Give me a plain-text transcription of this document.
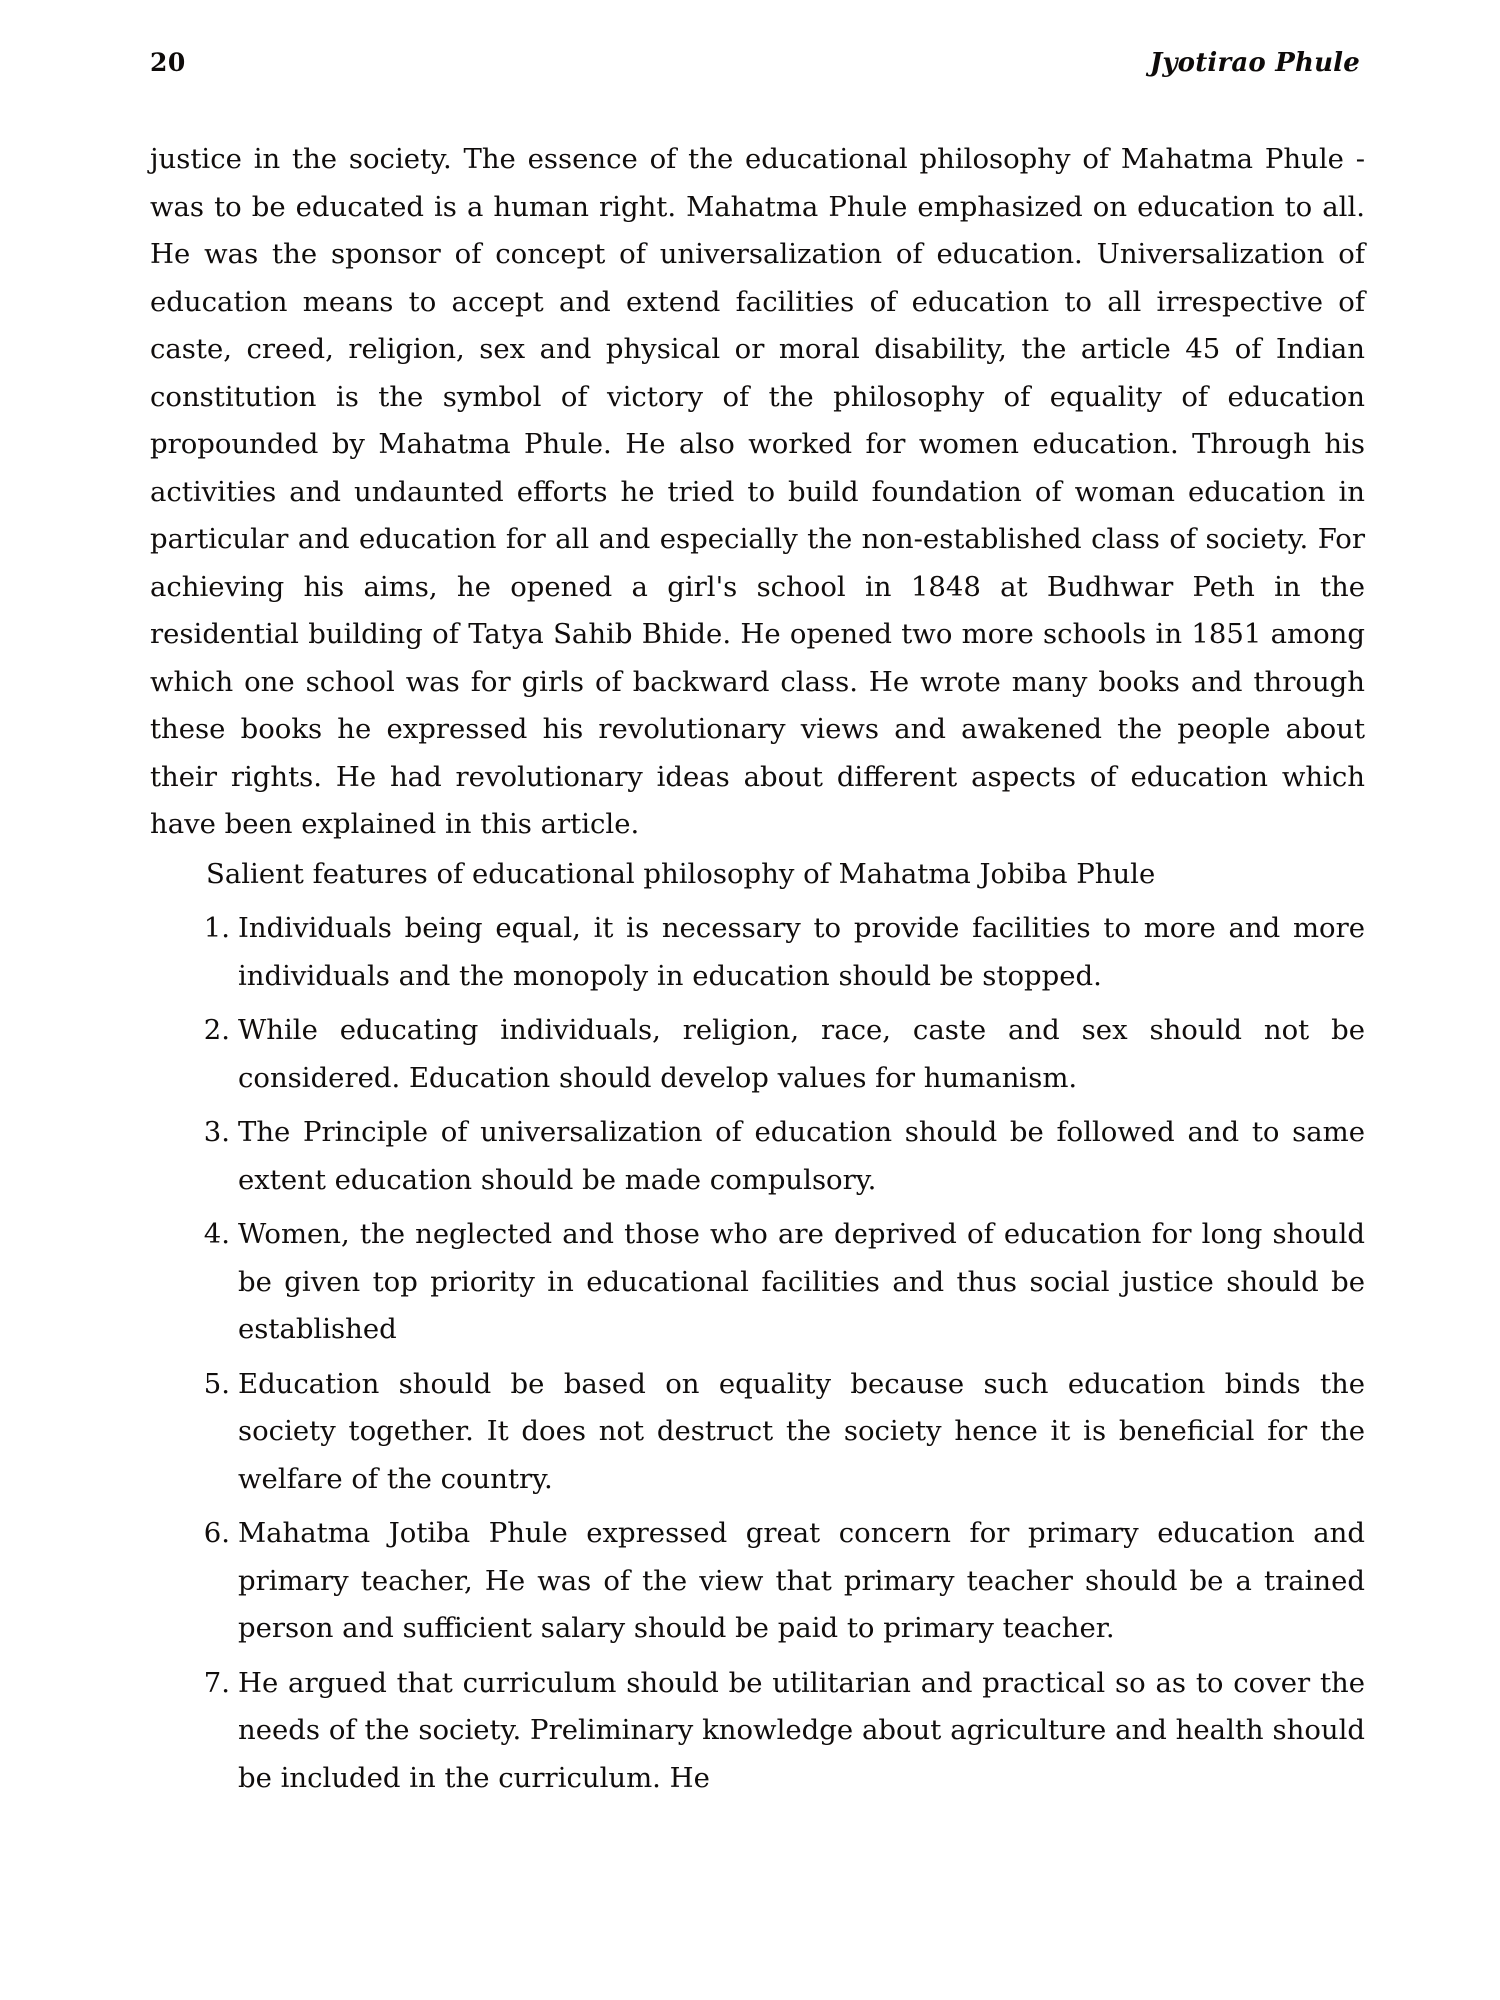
20	Jyotirao Phule

justice in the society. The essence of the educational philosophy of Mahatma Phule -was to be educated is a human right. Mahatma Phule emphasized on education to all. He was the sponsor of concept of universalization of education. Universalization of education means to accept and extend facilities of education to all irrespective of caste, creed, religion, sex and physical or moral disability, the article 45 of Indian constitution is the symbol of victory of the philosophy of equality of education propounded by Mahatma Phule. He also worked for women education. Through his activities and undaunted efforts he tried to build foundation of woman education in particular and education for all and especially the non-established class of society. For achieving his aims, he opened a girl's school in 1848 at Budhwar Peth in the residential building of Tatya Sahib Bhide. He opened two more schools in 1851 among which one school was for girls of backward class. He wrote many books and through these books he expressed his revolutionary views and awakened the people about their rights. He had revolutionary ideas about different aspects of education which have been explained in this article.

Salient features of educational philosophy of Mahatma Jobiba Phule

1. Individuals being equal, it is necessary to provide facilities to more and more individuals and the monopoly in education should be stopped.
2. While educating individuals, religion, race, caste and sex should not be considered. Education should develop values for humanism.
3. The Principle of universalization of education should be followed and to same extent education should be made compulsory.
4. Women, the neglected and those who are deprived of education for long should be given top priority in educational facilities and thus social justice should be established
5. Education should be based on equality because such education binds the society together. It does not destruct the society hence it is beneficial for the welfare of the country.
6. Mahatma Jotiba Phule expressed great concern for primary education and primary teacher, He was of the view that primary teacher should be a trained person and sufficient salary should be paid to primary teacher.
7. He argued that curriculum should be utilitarian and practical so as to cover the needs of the society. Preliminary knowledge about agriculture and health should be included in the curriculum. He
